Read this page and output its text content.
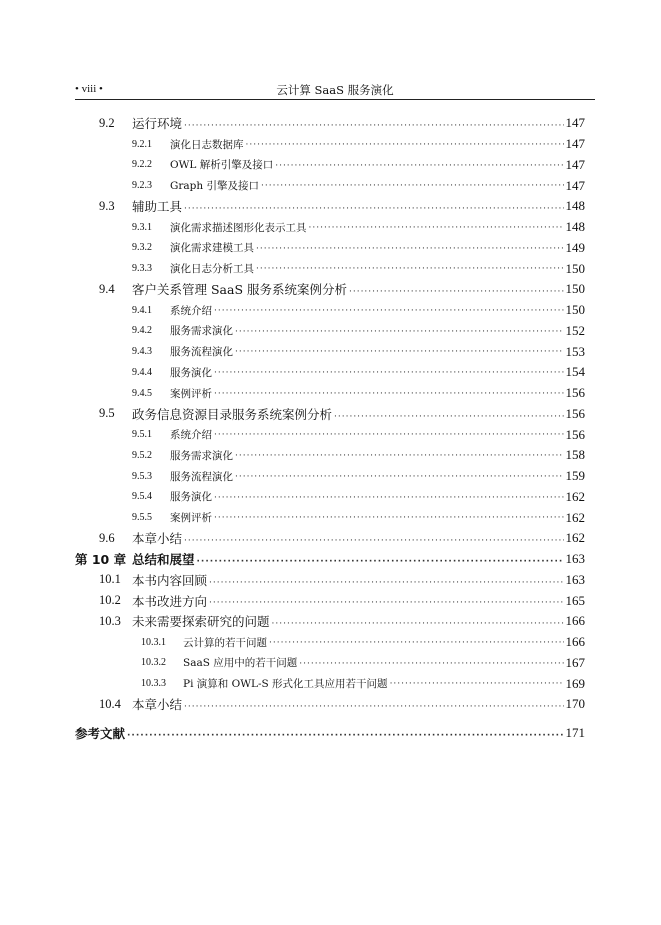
• viii •	云计算 SaaS 服务演化
9.2	运行环境 ·····	147
9.2.1	演化日志数据库 ·····	147
9.2.2	OWL 解析引擎及接口 ·····	147
9.2.3	Graph 引擎及接口 ·····	147
9.3	辅助工具 ·····	148
9.3.1	演化需求描述图形化表示工具 ·····	148
9.3.2	演化需求建模工具 ·····	149
9.3.3	演化日志分析工具 ·····	150
9.4	客户关系管理 SaaS 服务系统案例分析 ·····	150
9.4.1	系统介绍 ·····	150
9.4.2	服务需求演化 ·····	152
9.4.3	服务流程演化 ·····	153
9.4.4	服务演化 ·····	154
9.4.5	案例评析 ·····	156
9.5	政务信息资源目录服务系统案例分析 ·····	156
9.5.1	系统介绍 ·····	156
9.5.2	服务需求演化 ·····	158
9.5.3	服务流程演化 ·····	159
9.5.4	服务演化 ·····	162
9.5.5	案例评析 ·····	162
9.6	本章小结 ·····	162
第 10 章 总结和展望 ·····	163
10.1 本书内容回顾 ·····	163
10.2 本书改进方向 ·····	165
10.3 未来需要探索研究的问题 ·····	166
10.3.1	云计算的若干问题 ·····	166
10.3.2	SaaS 应用中的若干问题 ·····	167
10.3.3	Pi 演算和 OWL-S 形式化工具应用若干问题 ·····	169
10.4 本章小结 ·····	170
参考文献 ·····	171
